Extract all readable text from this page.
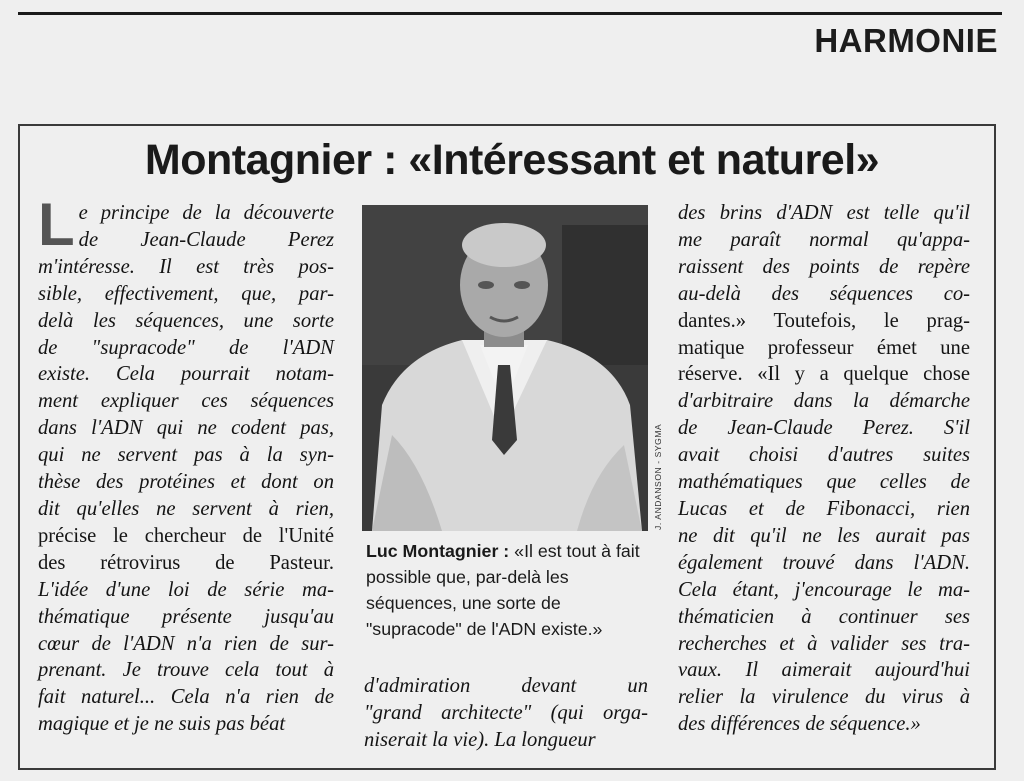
HARMONIE
Montagnier : «Intéressant et naturel»
L e principe de la découverte
de Jean-Claude Perez
m'intéresse. Il est très pos-
sible, effectivement, que, par-
delà les séquences, une sorte
de "supracode" de l'ADN
existe. Cela pourrait notam-
ment expliquer ces séquences
dans l'ADN qui ne codent pas,
qui ne servent pas à la syn-
thèse des protéines et dont on
dit qu'elles ne servent à rien,
précise le chercheur de l'Unité
des rétrovirus de Pasteur.
L'idée d'une loi de série ma-
thématique présente jusqu'au
cœur de l'ADN n'a rien de sur-
prenant. Je trouve cela tout à
fait naturel... Cela n'a rien de
magique et je ne suis pas béat
J. ANDANSON - SYGMA
Luc Montagnier : «Il est tout à fait possible que, par-delà les séquences, une sorte de "supracode" de l'ADN existe.»
d'admiration devant un
"grand architecte" (qui orga-
niserait la vie). La longueur
des brins d'ADN est telle qu'il
me paraît normal qu'appa-
raissent des points de repère
au-delà des séquences co-
dantes.» Toutefois, le prag-
matique professeur émet une
réserve. «Il y a quelque chose
d'arbitraire dans la démarche
de Jean-Claude Perez. S'il
avait choisi d'autres suites
mathématiques que celles de
Lucas et de Fibonacci, rien
ne dit qu'il ne les aurait pas
également trouvé dans l'ADN.
Cela étant, j'encourage le ma-
thématicien à continuer ses
recherches et à valider ses tra-
vaux. Il aimerait aujourd'hui
relier la virulence du virus à
des différences de séquence.»
